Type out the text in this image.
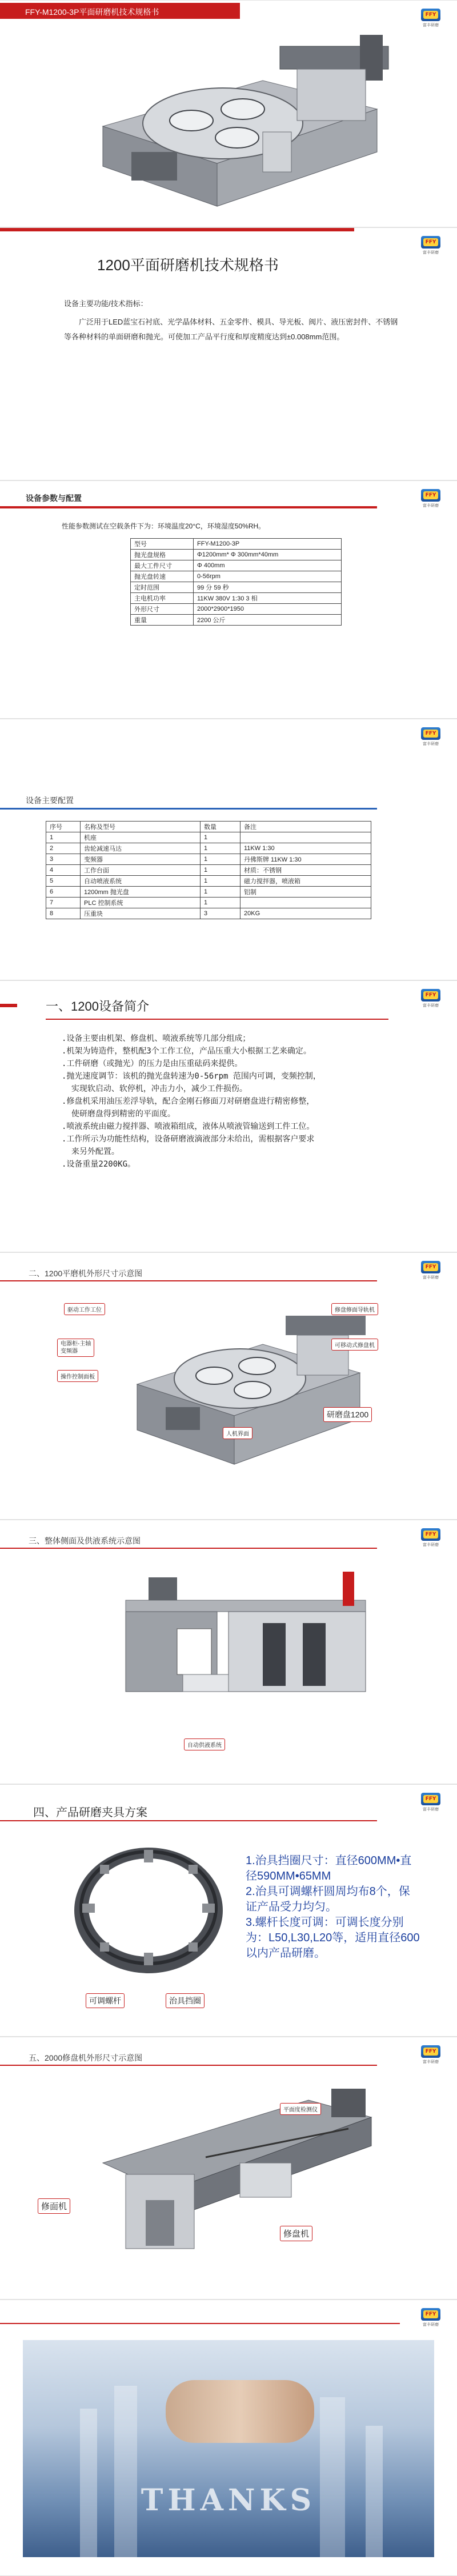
FFY-M1200-3P平面研磨机技术规格书	FFY
富丰研磨
FFY
富丰研磨
1200平面研磨机技术规格书
设备主要功能/技术指标：
广泛用于LED蓝宝石衬底、光学晶体材料、五金零件、模具、导光板、阀片、液压密封件、不锈钢等各种材料的单面研磨和抛光。可使加工产品平行度和厚度精度达到±0.008mm范围。
FFY
富丰研磨
设备参数与配置
性能参数测试在空载条件下为：环境温度20°C，环境湿度50%RH。
型号	FFY-M1200-3P
抛光盘规格	Φ1200mm* Φ 300mm*40mm
最大工件尺寸	Φ 400mm
抛光盘转速	0-56rpm
定时范围	99 分 59 秒
主电机功率	11KW 380V 1:30 3 相
外形尺寸	2000*2900*1950
重量	2200 公斤
FFY
富丰研磨
设备主要配置
序号	名称及型号	数量	备注
1	机座	1	
2	齿轮减速马达	1	11KW 1:30
3	变频器	1	丹佛斯牌 11KW 1:30
4	工作台面	1	材质：不锈钢
5	自动喷液系统	1	磁力搅拌器，喷液箱
6	1200mm 抛光盘	1	铝制
7	PLC 控制系统	1	
8	压重块	3	20KG
FFY
富丰研磨
一、1200设备简介
.设备主要由机架、修盘机、喷液系统等几部分组成；
.机架为铸造件，整机配3个工作工位，产品压重大小根据工艺来确定。
.工件研磨（或抛光）的压力是由压重砝码来提供。
.抛光速度调节：该机的抛光盘转速为0-56rpm 范围内可调，变频控制，
实现软启动、软停机，冲击力小，减少工件损伤。
.修盘机采用油压差浮导轨，配合金刚石修面刀对研磨盘进行精密修整，
使研磨盘得到精密的平面度。
.喷液系统由磁力搅拌器、喷液箱组成，液体从喷液管输送到工件工位。
.工作所示为功能性结构，设备研磨液滴液部分未给出，需根据客户要求
来另外配置。
.设备重量2200KG。
FFY
富丰研磨
二、1200平磨机外形尺寸示意图
驱动工作工位
电器柜-主轴
变频器
操作控制面板
修盘修面导轨机
可移动式修盘机
研磨盘1200
人机界面
FFY
富丰研磨
三、整体侧面及供液系统示意图
自动供液系统
FFY
富丰研磨
四、产品研磨夹具方案
可调螺杆	治具挡圈
1.治具挡圈尺寸：直径600MM•直
径590MM•65MM
2.治具可调螺杆圆周均布8个，保
证产品受力均匀。
3.螺杆长度可调：可调长度分别
为：L50,L30,L20等，适用直径600
以内产品研磨。
FFY
富丰研磨
五、2000修盘机外形尺寸示意图
平面度检测仪
修面机
修盘机
FFY
富丰研磨
THANKS
